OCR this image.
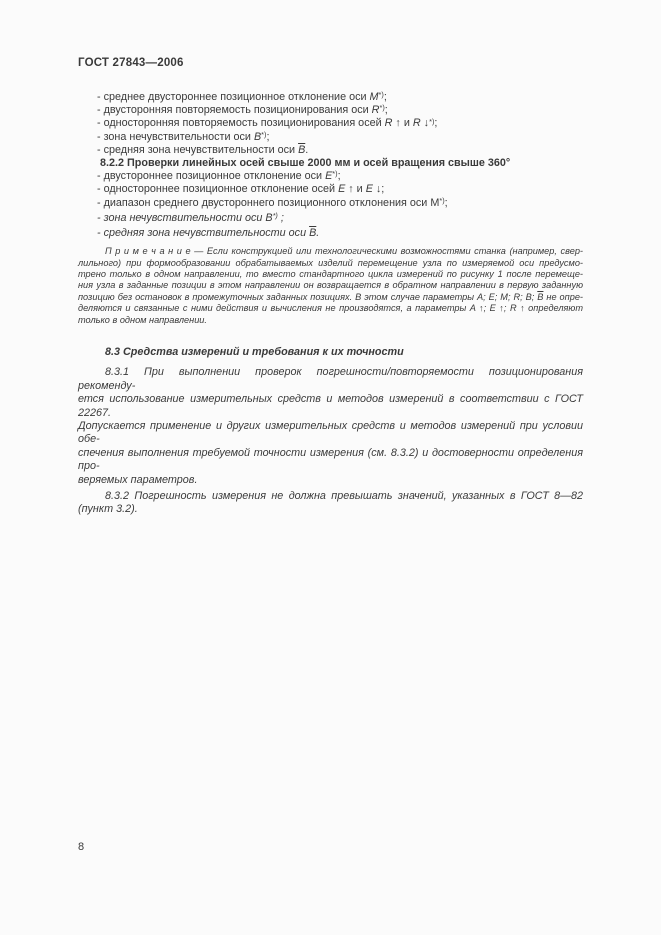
ГОСТ 27843—2006
- среднее двустороннее позиционное отклонение оси M*);
- двусторонняя повторяемость позиционирования оси R*);
- односторонняя повторяемость позиционирования осей R ↑ и R ↓*);
- зона нечувствительности оси B*);
- средняя зона нечувствительности оси $\overline{B}$.
8.2.2 Проверки линейных осей свыше 2000 мм и осей вращения свыше 360°
- двустороннее позиционное отклонение оси E*);
- одностороннее позиционное отклонение осей E ↑ и E ↓;
- диапазон среднего двустороннего позиционного отклонения оси М*);
- зона нечувствительности оси B*) ;
- средняя зона нечувствительности оси $\overline{B}$.
П р и м е ч а н и е — Если конструкцией или технологическими возможностями станка (например, свер-
лильного) при формообразовании обрабатываемых изделий перемещение узла по измеряемой оси предусмо-
трено только в одном направлении, то вместо стандартного цикла измерений по рисунку 1 после перемеще-
ния узла в заданные позиции в этом направлении он возвращается в обратном направлении в первую заданную
позицию без остановок в промежуточных заданных позициях. В этом случае параметры A; E; M; R; B; $\overline{B}$ не опре-
деляются и связанные с ними действия и вычисления не производятся, а параметры A ↑; E ↑; R ↑ определяют
только в одном направлении.
8.3 Средства измерений и требования к их точности
8.3.1 При выполнении проверок погрешности/повторяемости позиционирования рекоменду-
ется использование измерительных средств и методов измерений в соответствии с ГОСТ 22267.
Допускается применение и других измерительных средств и методов измерений при условии обе-
спечения выполнения требуемой точности измерения (см. 8.3.2) и достоверности определения про-
веряемых параметров.
8.3.2 Погрешность измерения не должна превышать значений, указанных в ГОСТ 8—82
(пункт 3.2).
8
